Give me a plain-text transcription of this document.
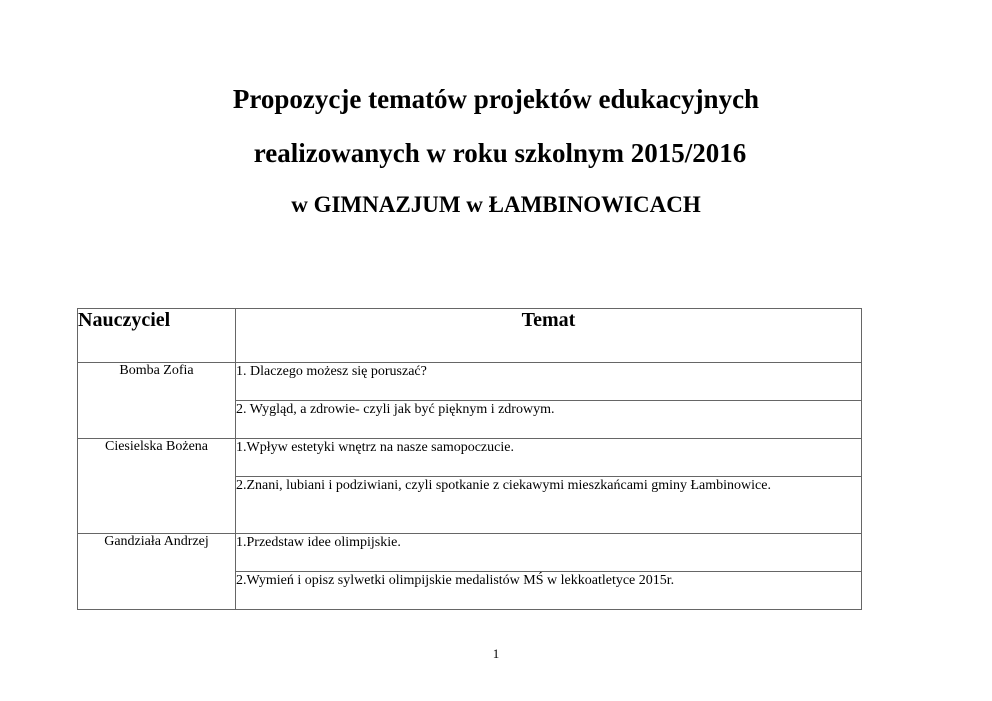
Propozycje tematów projektów edukacyjnych
realizowanych w roku szkolnym 2015/2016
w GIMNAZJUM w ŁAMBINOWICACH
Nauczyciel	Temat
Bomba Zofia	1. Dlaczego możesz się poruszać?
	2. Wygląd, a zdrowie- czyli jak być pięknym i zdrowym.
Ciesielska Bożena	1.Wpływ estetyki wnętrz na nasze samopoczucie.
	2.Znani, lubiani i podziwiani, czyli spotkanie z ciekawymi mieszkańcami gminy Łambinowice.
Gandziała Andrzej	1.Przedstaw idee olimpijskie.
	2.Wymień i opisz sylwetki olimpijskie medalistów MŚ w lekkoatletyce 2015r.
1
